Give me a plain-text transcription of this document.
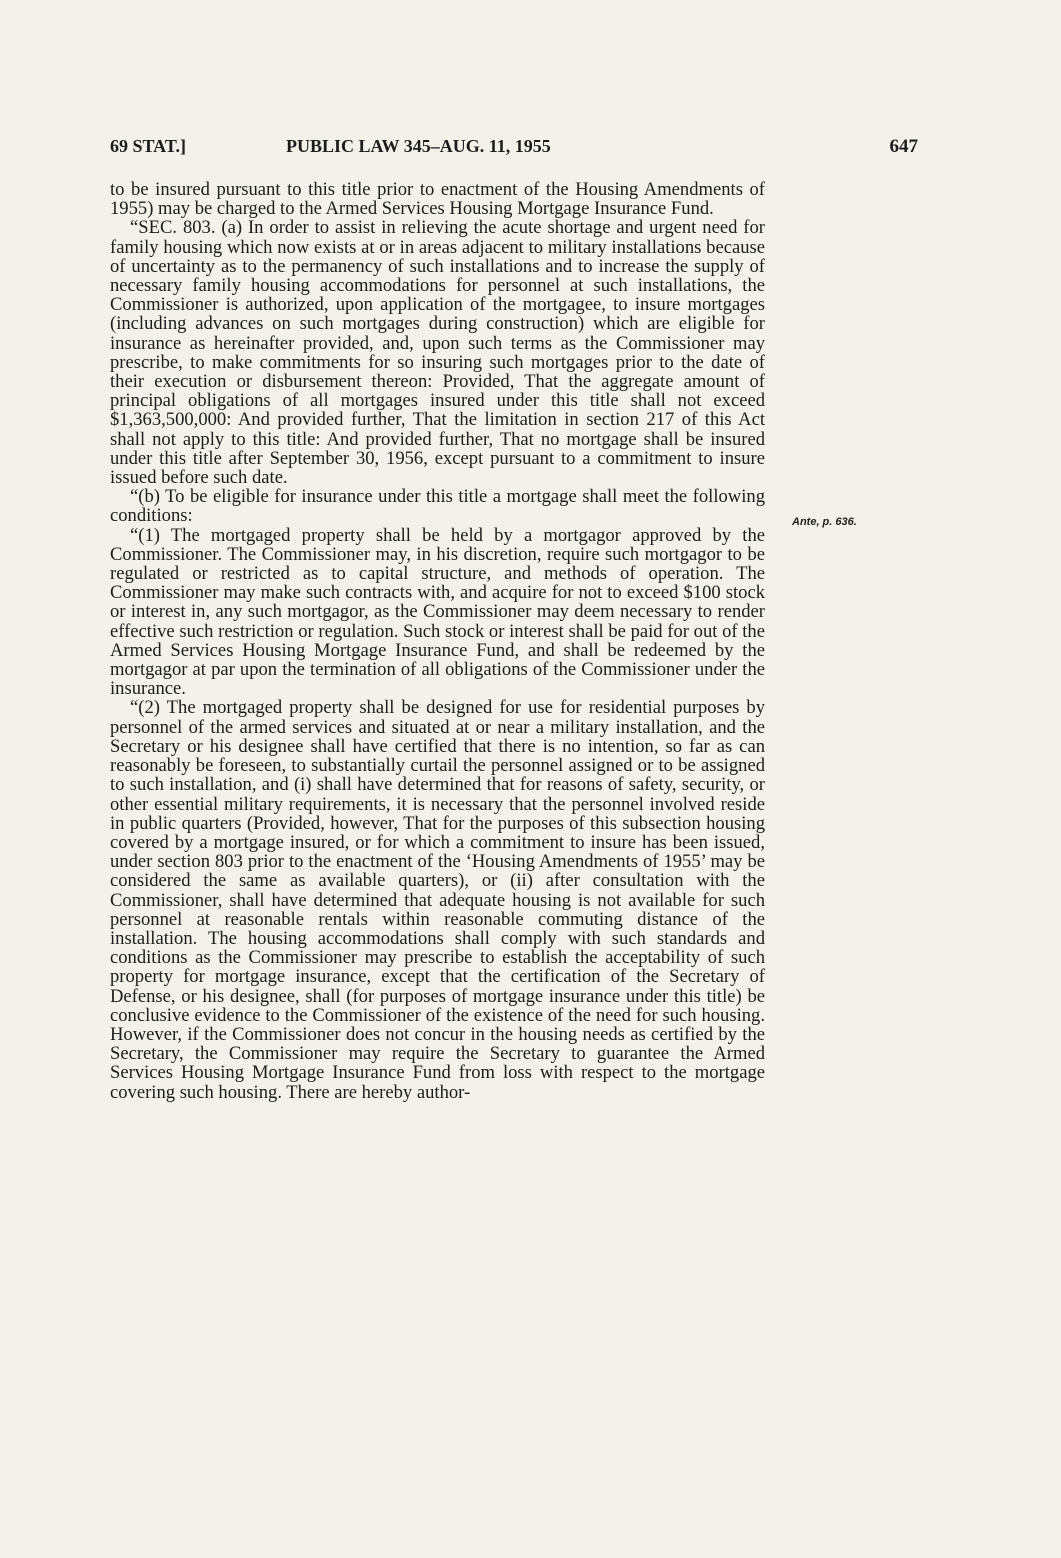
69 STAT.]	PUBLIC LAW 345–AUG. 11, 1955	647

to be insured pursuant to this title prior to enactment of the Housing Amendments of 1955) may be charged to the Armed Services Housing Mortgage Insurance Fund.

“SEC. 803. (a) In order to assist in relieving the acute shortage and urgent need for family housing which now exists at or in areas adjacent to military installations because of uncertainty as to the permanency of such installations and to increase the supply of necessary family housing accommodations for personnel at such installations, the Commissioner is authorized, upon application of the mortgagee, to insure mortgages (including advances on such mortgages during construction) which are eligible for insurance as hereinafter provided, and, upon such terms as the Commissioner may prescribe, to make commitments for so insuring such mortgages prior to the date of their execution or disbursement thereon: Provided, That the aggregate amount of principal obligations of all mortgages insured under this title shall not exceed $1,363,500,000: And provided further, That the limitation in section 217 of this Act shall not apply to this title: And provided further, That no mortgage shall be insured under this title after September 30, 1956, except pursuant to a commitment to insure issued before such date.

“(b) To be eligible for insurance under this title a mortgage shall meet the following conditions:

“(1) The mortgaged property shall be held by a mortgagor approved by the Commissioner. The Commissioner may, in his discretion, require such mortgagor to be regulated or restricted as to capital structure, and methods of operation. The Commissioner may make such contracts with, and acquire for not to exceed $100 stock or interest in, any such mortgagor, as the Commissioner may deem necessary to render effective such restriction or regulation. Such stock or interest shall be paid for out of the Armed Services Housing Mortgage Insurance Fund, and shall be redeemed by the mortgagor at par upon the termination of all obligations of the Commissioner under the insurance.

“(2) The mortgaged property shall be designed for use for residential purposes by personnel of the armed services and situated at or near a military installation, and the Secretary or his designee shall have certified that there is no intention, so far as can reasonably be foreseen, to substantially curtail the personnel assigned or to be assigned to such installation, and (i) shall have determined that for reasons of safety, security, or other essential military requirements, it is necessary that the personnel involved reside in public quarters (Provided, however, That for the purposes of this subsection housing covered by a mortgage insured, or for which a commitment to insure has been issued, under section 803 prior to the enactment of the ‘Housing Amendments of 1955’ may be considered the same as available quarters), or (ii) after consultation with the Commissioner, shall have determined that adequate housing is not available for such personnel at reasonable rentals within reasonable commuting distance of the installation. The housing accommodations shall comply with such standards and conditions as the Commissioner may prescribe to establish the acceptability of such property for mortgage insurance, except that the certification of the Secretary of Defense, or his designee, shall (for purposes of mortgage insurance under this title) be conclusive evidence to the Commissioner of the existence of the need for such housing. However, if the Commissioner does not concur in the housing needs as certified by the Secretary, the Commissioner may require the Secretary to guarantee the Armed Services Housing Mortgage Insurance Fund from loss with respect to the mortgage covering such housing. There are hereby author-

Ante, p. 636.
